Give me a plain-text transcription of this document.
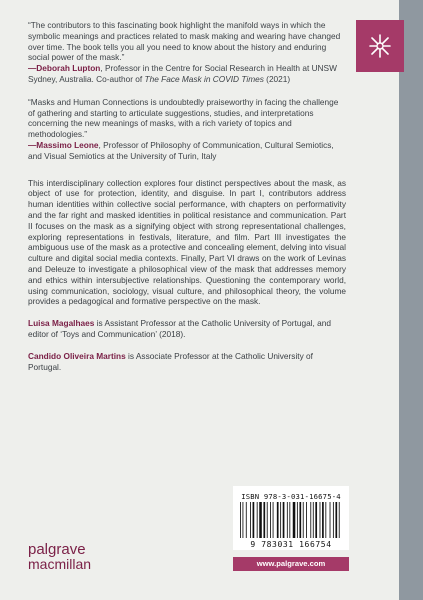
“The contributors to this fascinating book highlight the manifold ways in which the symbolic meanings and practices related to mask making and wearing have changed over time. The book tells you all you need to know about the history and enduring social power of the mask.”

—Deborah Lupton, Professor in the Centre for Social Research in Health at UNSW Sydney, Australia. Co-author of The Face Mask in COVID Times (2021)

“Masks and Human Connections is undoubtedly praiseworthy in facing the challenge of gathering and starting to articulate suggestions, studies, and interpretations concerning the new meanings of masks, with a rich variety of topics and methodologies.”

—Massimo Leone, Professor of Philosophy of Communication, Cultural Semiotics, and Visual Semiotics at the University of Turin, Italy

This interdisciplinary collection explores four distinct perspectives about the mask, as object of use for protection, identity, and disguise. In part I, contributors address human identities within collective social performance, with chapters on performativity and the far right and masked identities in political resistance and communication. Part II focuses on the mask as a signifying object with strong representational challenges, exploring representations in festivals, literature, and film. Part III investigates the ambiguous use of the mask as a protective and concealing element, delving into visual culture and digital social media contexts. Finally, Part VI draws on the work of Levinas and Deleuze to investigate a philosophical view of the mask that addresses memory and ethics within intersubjective relationships. Questioning the contemporary world, using communication, sociology, visual culture, and philosophical theory, the volume provides a pedagogical and formative perspective on the mask.

Luisa Magalhaes is Assistant Professor at the Catholic University of Portugal, and editor of ‘Toys and Communication’ (2018).

Candido Oliveira Martins is Associate Professor at the Catholic University of Portugal.

ISBN 978-3-031-16675-4
9 783031 166754
www.palgrave.com
palgrave
macmillan
